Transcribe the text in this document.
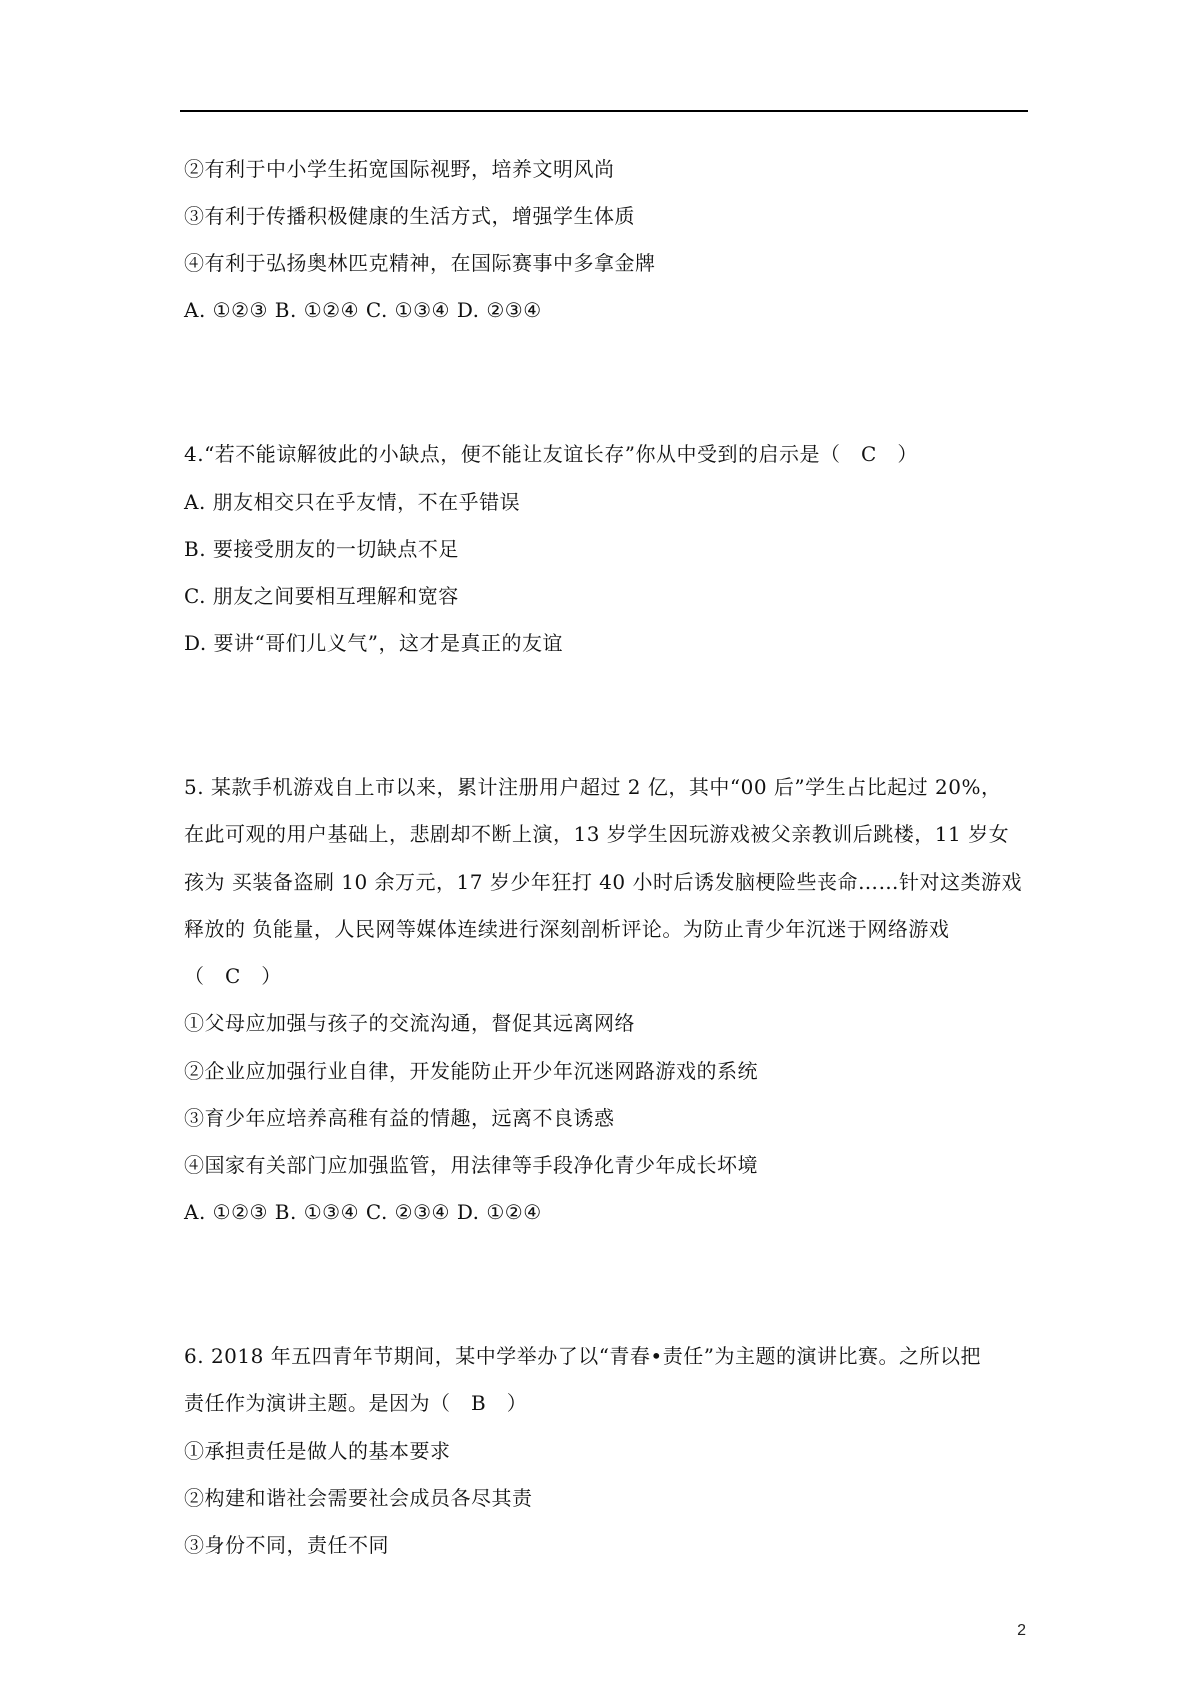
②有利于中小学生拓宽国际视野，培养文明风尚
③有利于传播积极健康的生活方式，增强学生体质
④有利于弘扬奥林匹克精神，在国际赛事中多拿金牌
A. ①②③ B. ①②④ C. ①③④ D. ②③④
4.“若不能谅解彼此的小缺点，便不能让友谊长存”你从中受到的启示是（　C　）
A. 朋友相交只在乎友情，不在乎错误
B. 要接受朋友的一切缺点不足
C. 朋友之间要相互理解和宽容
D. 要讲“哥们儿义气”，这才是真正的友谊
5. 某款手机游戏自上市以来，累计注册用户超过 2 亿，其中“00 后”学生占比起过 20%，
在此可观的用户基础上，悲剧却不断上演，13 岁学生因玩游戏被父亲教训后跳楼，11 岁女
孩为 买装备盗刷 10 余万元，17 岁少年狂打 40 小时后诱发脑梗险些丧命……针对这类游戏
释放的 负能量，人民网等媒体连续进行深刻剖析评论。为防止青少年沉迷于网络游戏
（　C　）
①父母应加强与孩子的交流沟通，督促其远离网络
②企业应加强行业自律，开发能防止开少年沉迷网路游戏的系统
③育少年应培养高稚有益的情趣，远离不良诱惑
④国家有关部门应加强监管，用法律等手段净化青少年成长坏境
A. ①②③ B. ①③④ C. ②③④ D. ①②④
6. 2018 年五四青年节期间，某中学举办了以“青春•责任”为主题的演讲比赛。之所以把
责任作为演讲主题。是因为（　B　）
①承担责任是做人的基本要求
②构建和谐社会需要社会成员各尽其责
③身份不同，责任不同
2
